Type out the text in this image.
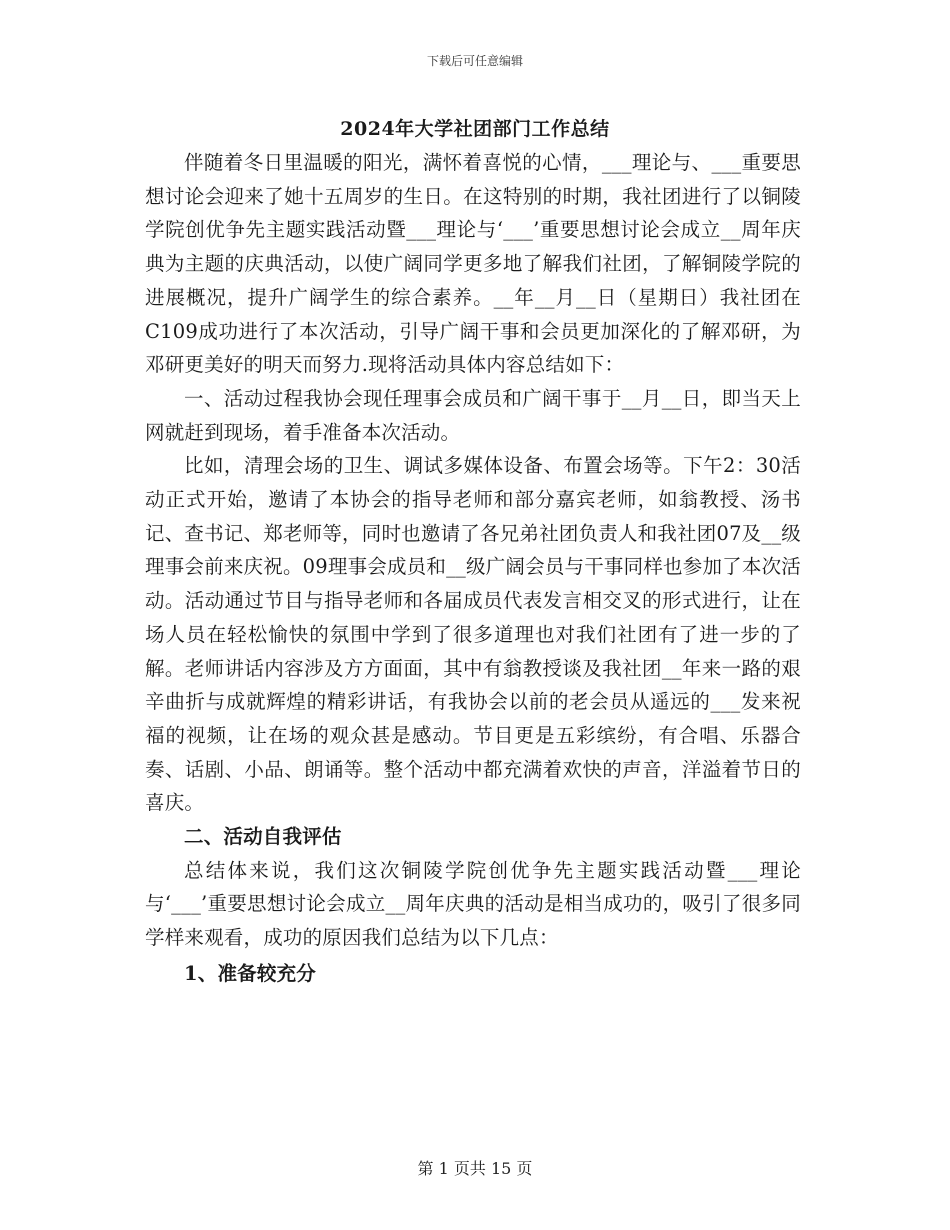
下载后可任意编辑
2024年大学社团部门工作总结

伴随着冬日里温暖的阳光，满怀着喜悦的心情，___理论与、___重要思想讨论会迎来了她十五周岁的生日。在这特别的时期，我社团进行了以铜陵学院创优争先主题实践活动暨___理论与‘___’重要思想讨论会成立__周年庆典为主题的庆典活动，以使广阔同学更多地了解我们社团，了解铜陵学院的进展概况，提升广阔学生的综合素养。__年__月__日（星期日）我社团在C109成功进行了本次活动，引导广阔干事和会员更加深化的了解邓研，为邓研更美好的明天而努力.现将活动具体内容总结如下：

一、活动过程我协会现任理事会成员和广阔干事于__月__日，即当天上网就赶到现场，着手准备本次活动。

比如，清理会场的卫生、调试多媒体设备、布置会场等。下午2：30活动正式开始，邀请了本协会的指导老师和部分嘉宾老师，如翁教授、汤书记、查书记、郑老师等，同时也邀请了各兄弟社团负责人和我社团07及__级理事会前来庆祝。09理事会成员和__级广阔会员与干事同样也参加了本次活动。活动通过节目与指导老师和各届成员代表发言相交叉的形式进行，让在场人员在轻松愉快的氛围中学到了很多道理也对我们社团有了进一步的了解。老师讲话内容涉及方方面面，其中有翁教授谈及我社团__年来一路的艰辛曲折与成就辉煌的精彩讲话，有我协会以前的老会员从遥远的___发来祝福的视频，让在场的观众甚是感动。节目更是五彩缤纷，有合唱、乐器合奏、话剧、小品、朗诵等。整个活动中都充满着欢快的声音，洋溢着节日的喜庆。

二、活动自我评估

总结体来说，我们这次铜陵学院创优争先主题实践活动暨___理论与‘___’重要思想讨论会成立__周年庆典的活动是相当成功的，吸引了很多同学样来观看，成功的原因我们总结为以下几点：

1、准备较充分

第 1 页共 15 页
